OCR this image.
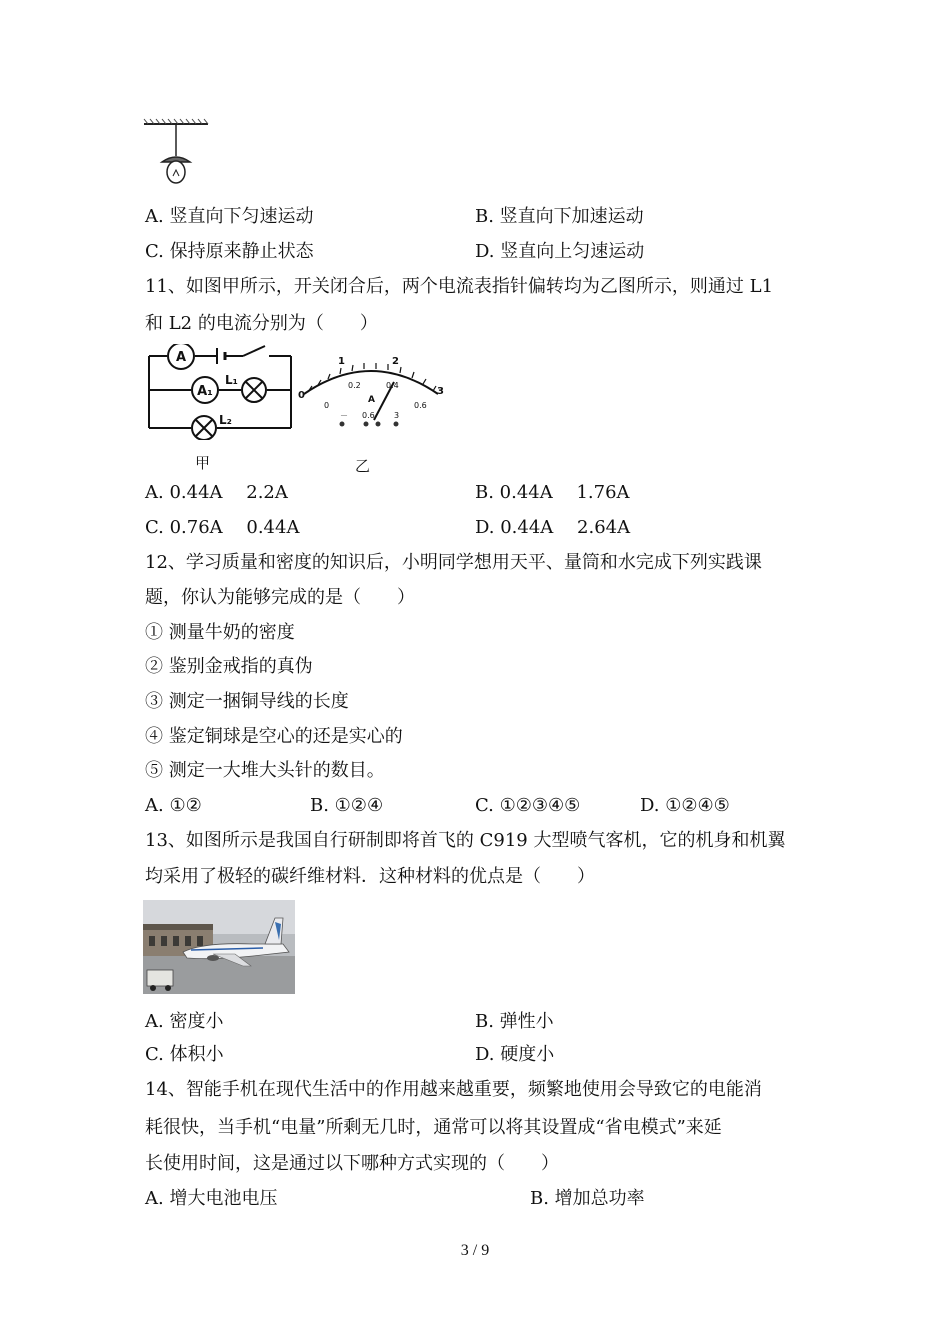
A. 竖直向下匀速运动	B. 竖直向下加速运动
C. 保持原来静止状态	D. 竖直向上匀速运动
11、如图甲所示，开关闭合后，两个电流表指针偏转均为乙图所示，则通过 L1
和 L2 的电流分别为（　　）
A
A₁
L₁
L₂
甲
0
1	2
3
0
0.2	0.4
0.6
A
－ 0.6 3
乙
A. 0.44A　 2.2A	B. 0.44A　 1.76A
C. 0.76A　 0.44A	D. 0.44A　 2.64A
12、学习质量和密度的知识后，小明同学想用天平、量筒和水完成下列实践课
题，你认为能够完成的是（　　）
① 测量牛奶的密度
② 鉴别金戒指的真伪
③ 测定一捆铜导线的长度
④ 鉴定铜球是空心的还是实心的
⑤ 测定一大堆大头针的数目。
A. ①②	B. ①②④	C. ①②③④⑤	D. ①②④⑤
13、如图所示是我国自行研制即将首飞的 C919 大型喷气客机，它的机身和机翼
均采用了极轻的碳纤维材料．这种材料的优点是（　　）
A. 密度小	B. 弹性小
C. 体积小	D. 硬度小
14、智能手机在现代生活中的作用越来越重要，频繁地使用会导致它的电能消
耗很快，当手机“电量”所剩无几时，通常可以将其设置成“省电模式”来延
长使用时间，这是通过以下哪种方式实现的（　　）
A. 增大电池电压	B. 增加总功率
3 / 9
